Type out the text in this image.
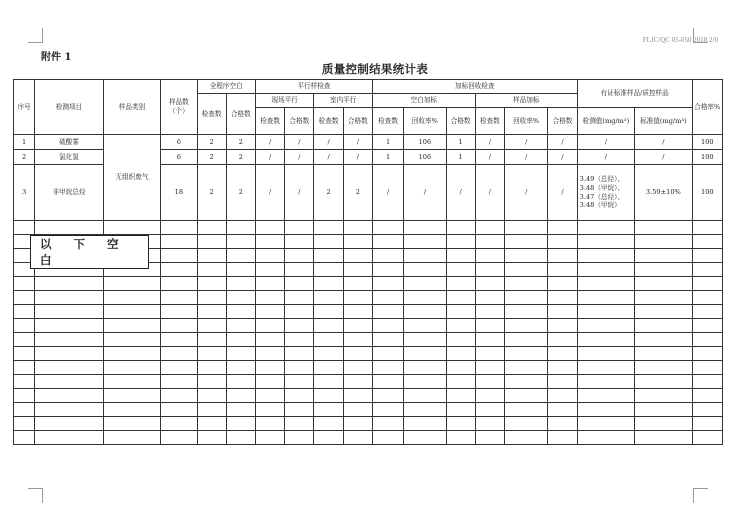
FLJC/QC 05-050 2018 2/0
附件 1
质量控制结果统计表
序号	检测项目	样品类别	样品数（个）	全程序空白		平行样检查				加标回收检查						有证标准样品/质控样品		合格率%
				检查数	合格数	现场平行		室内平行		空白加标			样品加标					
						检查数	合格数	检查数	合格数	检查数	回收率%	合格数	检查数	回收率%	合格数	检测值(mg/m³)	标准值(mg/m³)	
1	硫酸雾	无组织废气	6	2	2	/	/	/	/	1	106	1	/	/	/	/	/	100
2	氯化氢		6	2	2	/	/	/	/	1	106	1	/	/	/	/	/	100
3	非甲烷总烃		18	2	2	/	/	2	2	/	/	/	/	/	/	3.49（总烃）、
3.48（甲烷）、
3.47（总烃）、
3.48（甲烷）	3.59±10%	100

以 下 空 白
